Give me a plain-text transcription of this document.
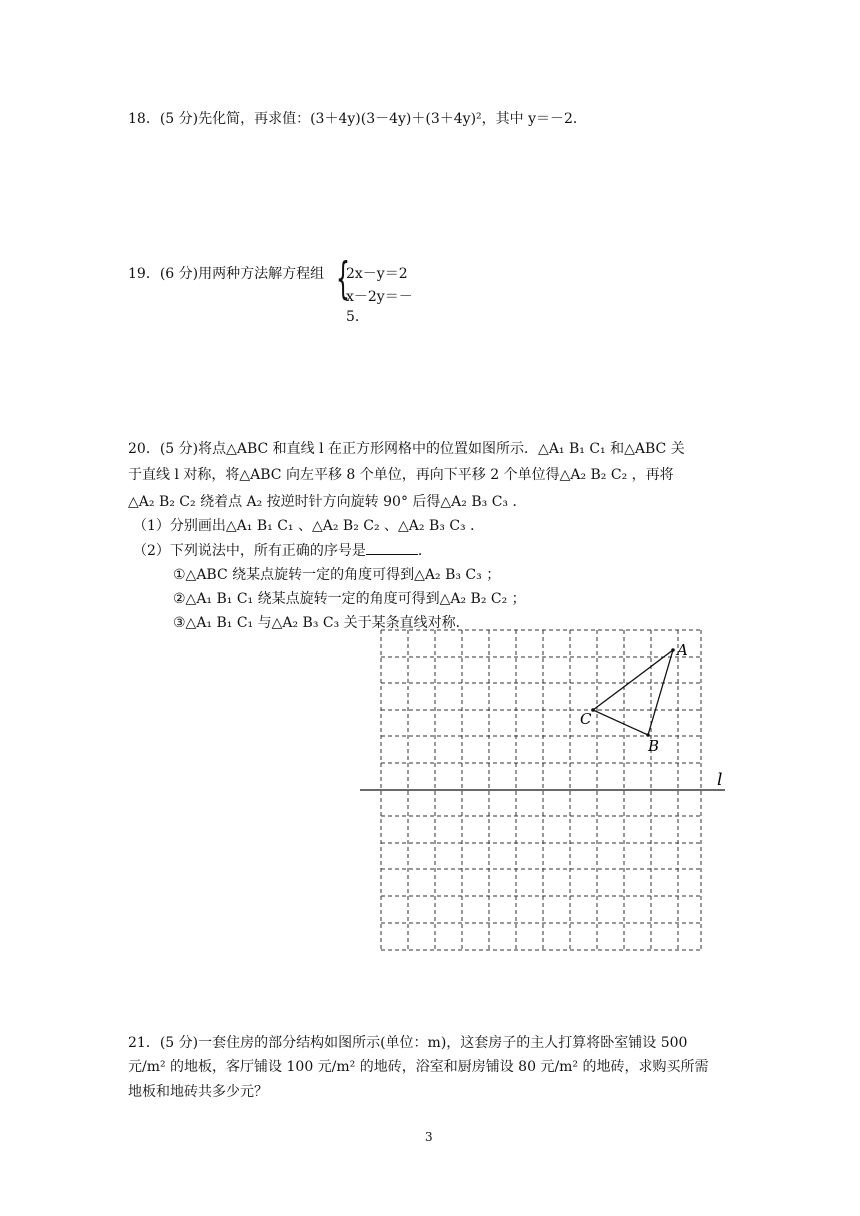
18．(5 分)先化简，再求值：(3＋4y)(3－4y)＋(3＋4y)²，其中 y＝－2．
19．(6 分)用两种方法解方程组 {
2x－y＝2
x－2y＝－5．
20．(5 分)将点△ABC 和直线 l 在正方形网格中的位置如图所示．△A₁ B₁ C₁ 和△ABC 关
于直线 l 对称，将△ABC 向左平移 8 个单位，再向下平移 2 个单位得△A₂ B₂ C₂ ，再将
△A₂ B₂ C₂ 绕着点 A₂ 按逆时针方向旋转 90° 后得△A₂ B₃ C₃ ．
（1）分别画出△A₁ B₁ C₁ 、△A₂ B₂ C₂ 、△A₂ B₃ C₃ ．
（2）下列说法中，所有正确的序号是	．
①△ABC 绕某点旋转一定的角度可得到△A₂ B₃ C₃ ；
②△A₁ B₁ C₁ 绕某点旋转一定的角度可得到△A₂ B₂ C₂ ；
③△A₁ B₁ C₁ 与△A₂ B₃ C₃ 关于某条直线对称．
A
B
C
l
21．(5 分)一套住房的部分结构如图所示(单位：m)，这套房子的主人打算将卧室铺设 500
元/m² 的地板，客厅铺设 100 元/m² 的地砖，浴室和厨房铺设 80 元/m² 的地砖，求购买所需
地板和地砖共多少元？
3
